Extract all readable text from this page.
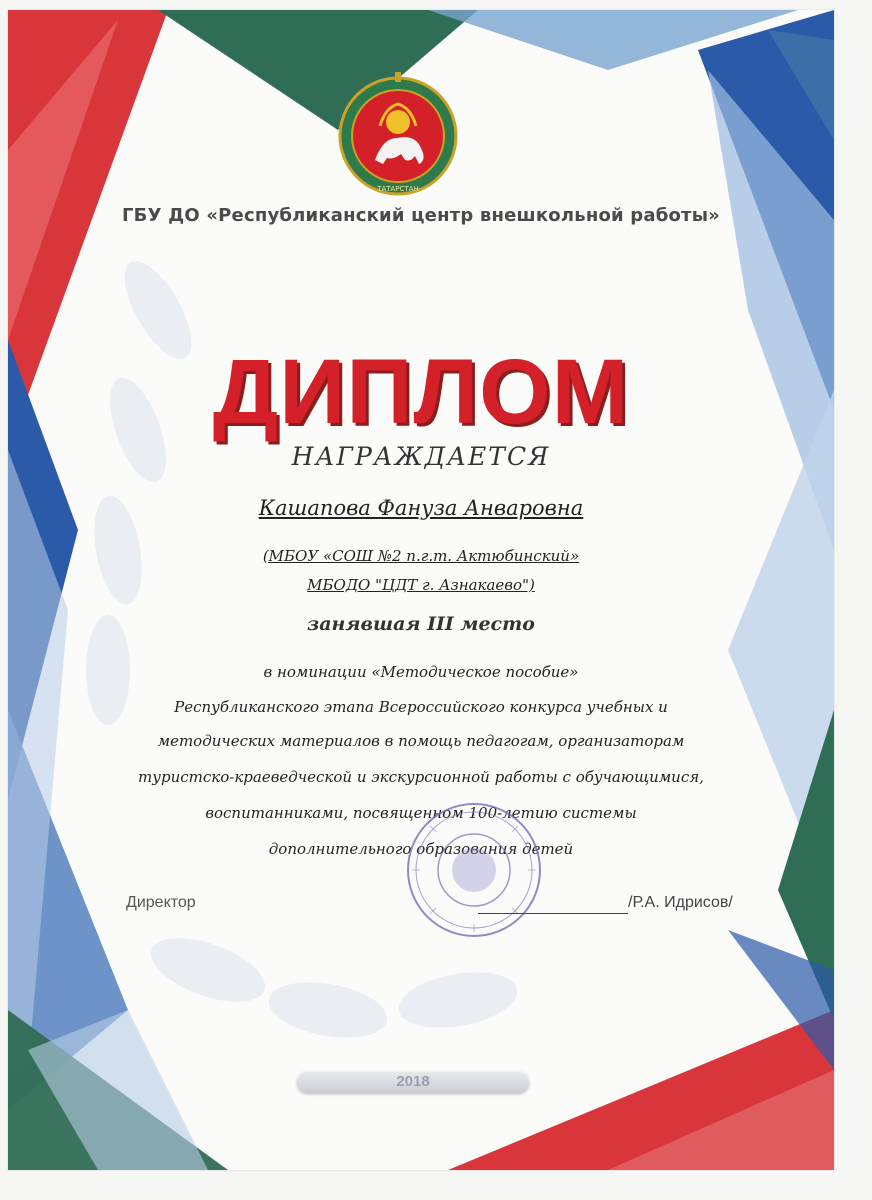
ТАТАРСТАН
ГБУ ДО «Республиканский центр внешкольной работы»
ДИПЛОМ
НАГРАЖДАЕТСЯ
Кашапова Фануза Анваровна
(МБОУ «СОШ №2 п.г.т. Актюбинский»
МБОДО "ЦДТ г. Азнакаево")
занявшая III место
в номинации «Методическое пособие»
Республиканского этапа Всероссийского конкурса учебных и
методических материалов в помощь педагогам, организаторам
туристско-краеведческой и экскурсионной работы с обучающимися,
воспитанниками, посвященном 100-летию системы
дополнительного образования детей
Директор	/Р.А. Идрисов/
2018
